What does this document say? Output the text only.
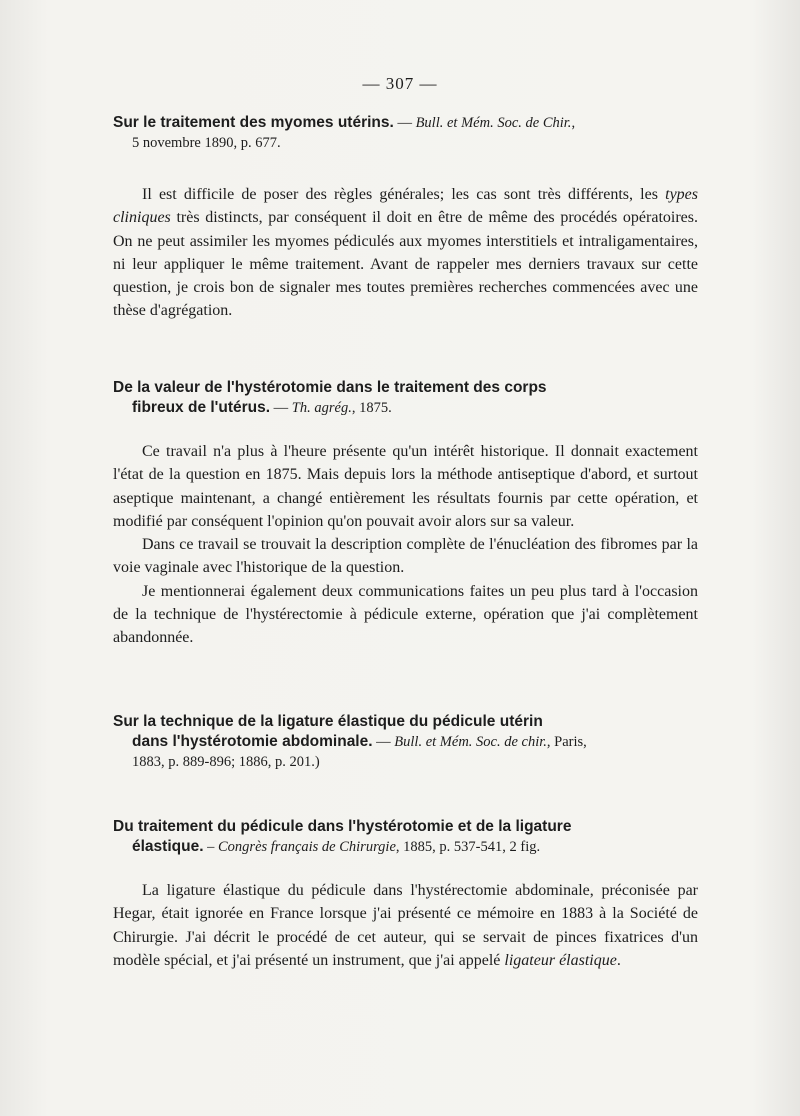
— 307 —

Sur le traitement des myomes utérins. — Bull. et Mém. Soc. de Chir.,
5 novembre 1890, p. 677.

Il est difficile de poser des règles générales; les cas sont très différents, les types cliniques très distincts, par conséquent il doit en être de même des procédés opératoires. On ne peut assimiler les myomes pédiculés aux myomes interstitiels et intraligamentaires, ni leur appliquer le même traitement. Avant de rappeler mes derniers travaux sur cette question, je crois bon de signaler mes toutes premières recherches commencées avec une thèse d'agrégation.

De la valeur de l'hystérotomie dans le traitement des corps
fibreux de l'utérus. — Th. agrég., 1875.

Ce travail n'a plus à l'heure présente qu'un intérêt historique. Il donnait exactement l'état de la question en 1875. Mais depuis lors la méthode antiseptique d'abord, et surtout aseptique maintenant, a changé entièrement les résultats fournis par cette opération, et modifié par conséquent l'opinion qu'on pouvait avoir alors sur sa valeur.

Dans ce travail se trouvait la description complète de l'énucléation des fibromes par la voie vaginale avec l'historique de la question.

Je mentionnerai également deux communications faites un peu plus tard à l'occasion de la technique de l'hystérectomie à pédicule externe, opération que j'ai complètement abandonnée.

Sur la technique de la ligature élastique du pédicule utérin
dans l'hystérotomie abdominale. — Bull. et Mém. Soc. de chir., Paris,
1883, p. 889-896; 1886, p. 201.)

Du traitement du pédicule dans l'hystérotomie et de la ligature
élastique. – Congrès français de Chirurgie, 1885, p. 537-541, 2 fig.

La ligature élastique du pédicule dans l'hystérectomie abdominale, préconisée par Hegar, était ignorée en France lorsque j'ai présenté ce mémoire en 1883 à la Société de Chirurgie. J'ai décrit le procédé de cet auteur, qui se servait de pinces fixatrices d'un modèle spécial, et j'ai présenté un instrument, que j'ai appelé ligateur élastique.
